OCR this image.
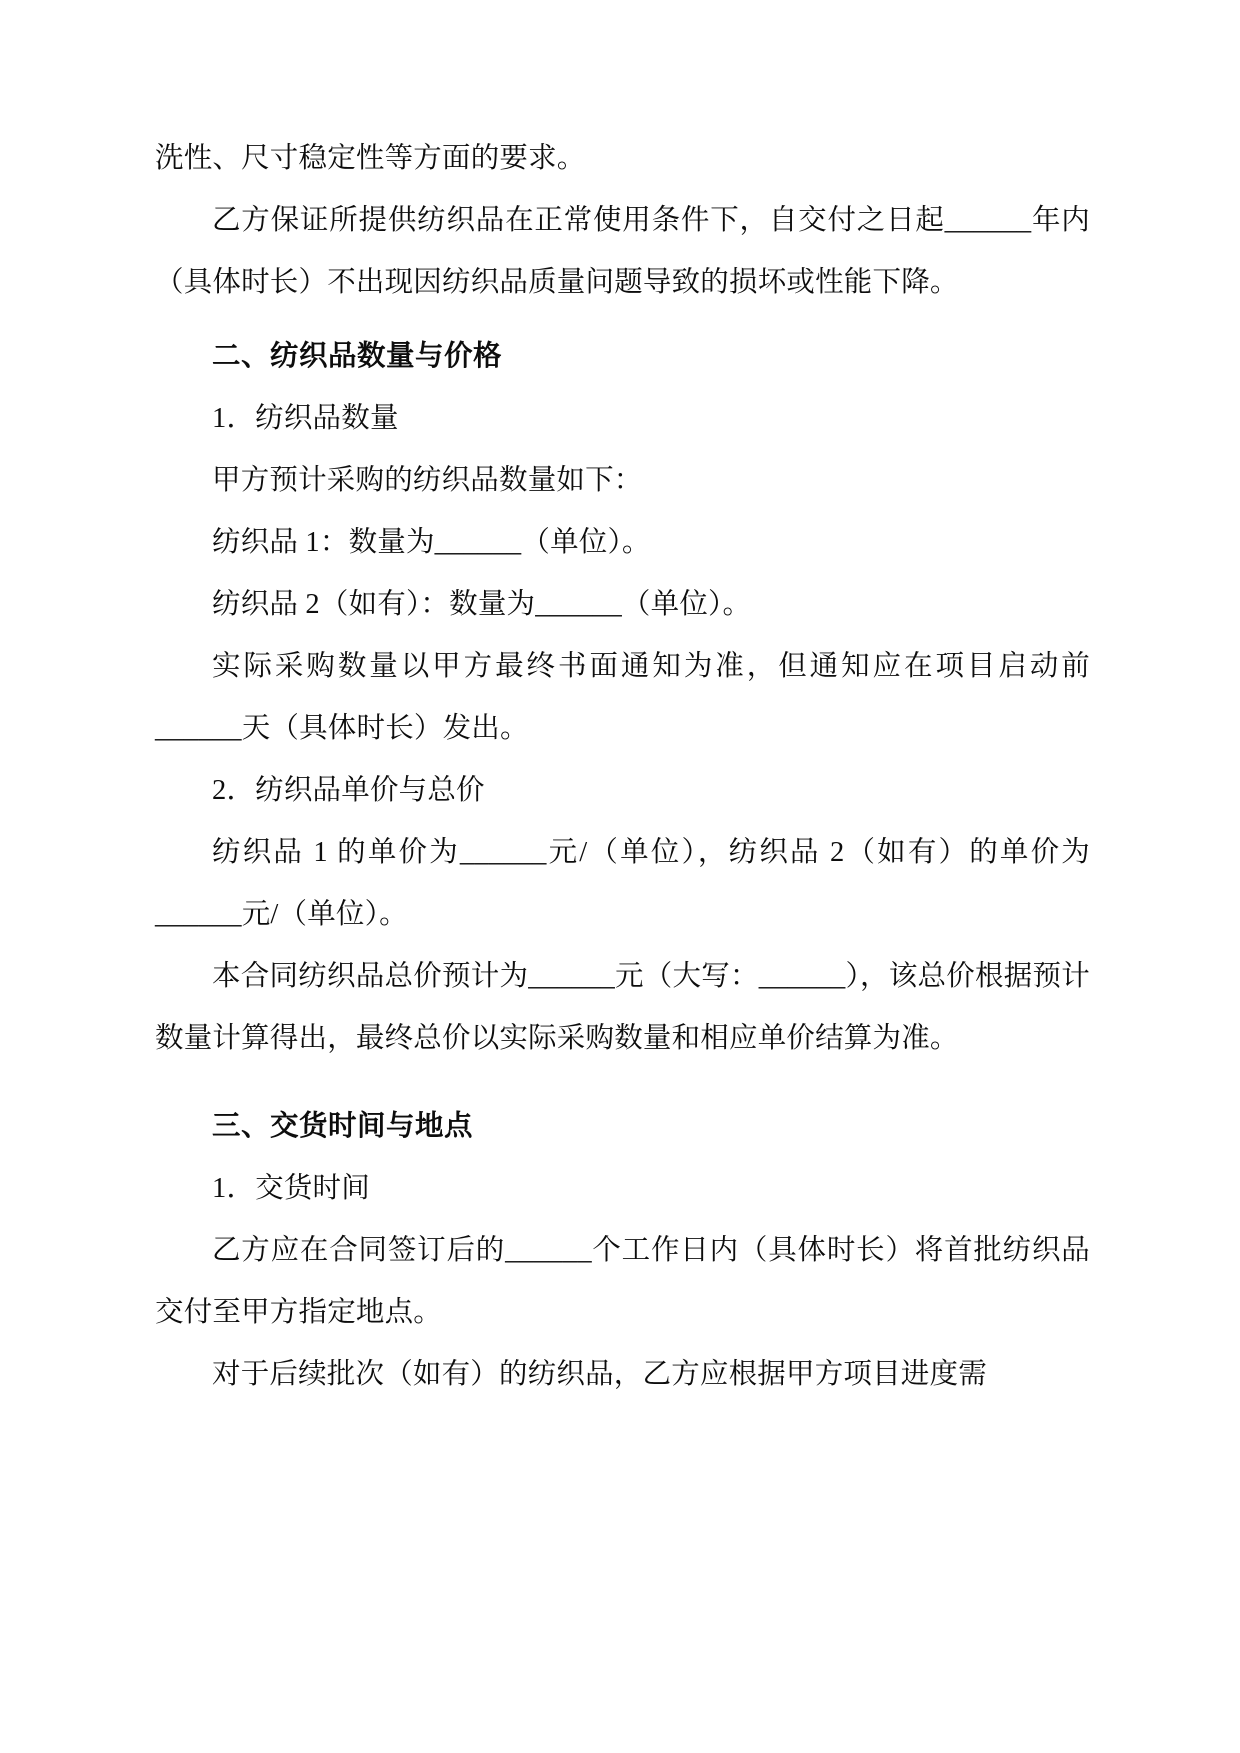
洗性、尺寸稳定性等方面的要求。

乙方保证所提供纺织品在正常使用条件下，自交付之日起______年内（具体时长）不出现因纺织品质量问题导致的损坏或性能下降。

二、纺织品数量与价格

1．纺织品数量

甲方预计采购的纺织品数量如下：

纺织品 1：数量为______（单位）。

纺织品 2（如有）：数量为______（单位）。

实际采购数量以甲方最终书面通知为准，但通知应在项目启动前______天（具体时长）发出。

2．纺织品单价与总价

纺织品 1 的单价为______元/（单位），纺织品 2（如有）的单价为______元/（单位）。

本合同纺织品总价预计为______元（大写：______），该总价根据预计数量计算得出，最终总价以实际采购数量和相应单价结算为准。

三、交货时间与地点

1．交货时间

乙方应在合同签订后的______个工作日内（具体时长）将首批纺织品交付至甲方指定地点。

对于后续批次（如有）的纺织品，乙方应根据甲方项目进度需
